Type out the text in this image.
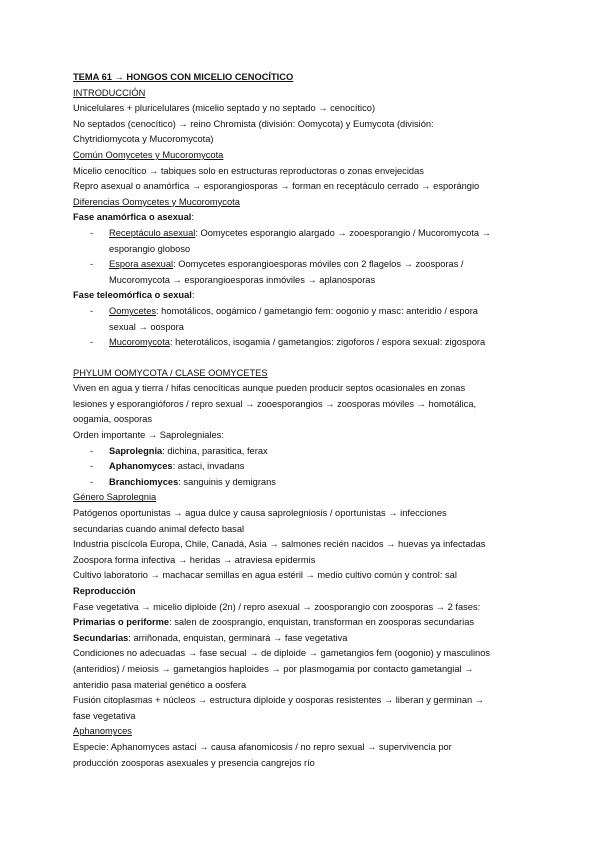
TEMA 61 → HONGOS CON MICELIO CENOCÍTICO
INTRODUCCIÓN
Unicelulares + pluricelulares (micelio septado y no septado → cenocítico)
No septados (cenocítico) → reino Chromista (división: Oomycota) y Eumycota (división:
Chytridiomycota y Mucoromycota)
Común Oomycetes y Mucoromycota
Micelio cenocítico → tabiques solo en estructuras reproductoras o zonas envejecidas
Repro asexual o anamórfica → esporangiosporas → forman en receptáculo cerrado → esporángio
Diferencias Oomycetes y Mucoromycota
Fase anamórfica o asexual:
- Receptáculo asexual: Oomycetes esporangio alargado → zooesporangio / Mucoromycota →
esporangio globoso
- Espora asexual: Oomycetes esporangioesporas móviles con 2 flagelos → zoosporas /
Mucoromycota → esporangioesporas inmóviles → aplanosporas
Fase teleomórfica o sexual:
- Oomycetes: homotálicos, oogámico / gametangio fem: oogonio y masc: anteridio / espora
sexual → oospora
- Mucoromycota: heterotálicos, isogamia / gametangios: zigoforos / espora sexual: zigospora
PHYLUM OOMYCOTA / CLASE OOMYCETES
Viven en agua y tierra / hifas cenocíticas aunque pueden producir septos ocasionales en zonas
lesiones y esporangióforos / repro sexual → zooesporangios → zoosporas móviles → homotálica,
oogamia, oosporas
Orden importante → Saprolegniales:
- Saprolegnia: dichina, parasitica, ferax
- Aphanomyces: astaci, invadans
- Branchiomyces: sanguinis y demigrans
Género Saprolegnia
Patógenos oportunistas → agua dulce y causa saprolegniosis / oportunistas → infecciones
secundarias cuando animal defecto basal
Industria piscícola Europa, Chile, Canadá, Asia → salmones recién nacidos → huevas ya infectadas
Zoospora forma infectiva → heridas → atraviesa epidermis
Cultivo laboratorio → machacar semillas en agua estéril → medio cultivo común y control: sal
Reproducción
Fase vegetativa → micelio diploide (2n) / repro asexual → zoosporangio con zoosporas → 2 fases:
Primarias o periforme: salen de zoosprangio, enquistan, transforman en zoosporas secundarias
Secundarias: arriñonada, enquistan, germinará → fase vegetativa
Condiciones no adecuadas → fase secual → de diploide → gametangios fem (oogonio) y masculinos
(anteridios) / meiosis → gametangios haploides → por plasmogamia por contacto gametangial →
anteridio pasa material genético a oosfera
Fusión citoplasmas + núcleos → estructura diploide y oosporas resistentes → liberan y germinan →
fase vegetativa
Aphanomyces
Especie: Aphanomyces astaci → causa afanomicosis / no repro sexual → supervivencia por
producción zoosporas asexuales y presencia cangrejos río
